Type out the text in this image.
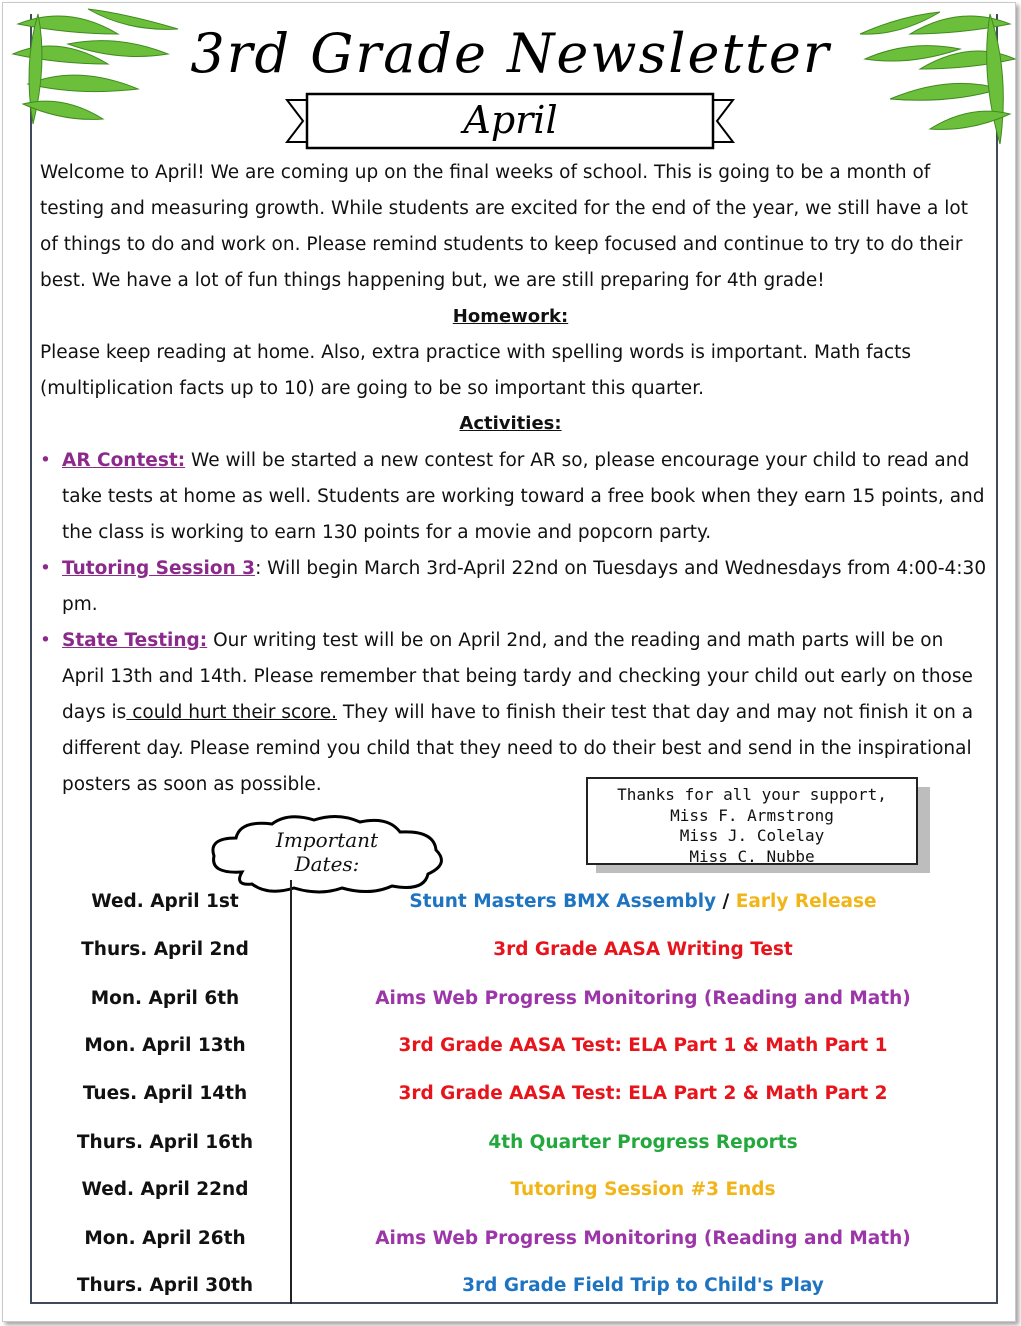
3rd Grade Newsletter
April
Welcome to April! We are coming up on the final weeks of school. This is going to be a month of
testing and measuring growth. While students are excited for the end of the year, we still have a lot
of things to do and work on. Please remind students to keep focused and continue to try to do their
best. We have a lot of fun things happening but, we are still preparing for 4th grade!
Homework:
Please keep reading at home. Also, extra practice with spelling words is important. Math facts
(multiplication facts up to 10) are going to be so important this quarter.
Activities:
• AR Contest: We will be started a new contest for AR so, please encourage your child to read and take tests at home as well. Students are working toward a free book when they earn 15 points, and the class is working to earn 130 points for a movie and popcorn party.
• Tutoring Session 3: Will begin March 3rd-April 22nd on Tuesdays and Wednesdays from 4:00-4:30 pm.
• State Testing: Our writing test will be on April 2nd, and the reading and math parts will be on April 13th and 14th. Please remember that being tardy and checking your child out early on those days is could hurt their score. They will have to finish their test that day and may not finish it on a different day. Please remind you child that they need to do their best and send in the inspirational posters as soon as possible.	Thanks for all your support,
Miss F. Armstrong
Miss J. Colelay
Miss C. Nubbe
Important
Dates:
Wed. April 1st	Stunt Masters BMX Assembly / Early Release
Thurs. April 2nd	3rd Grade AASA Writing Test
Mon. April 6th	Aims Web Progress Monitoring (Reading and Math)
Mon. April 13th	3rd Grade AASA Test: ELA Part 1 & Math Part 1
Tues. April 14th	3rd Grade AASA Test: ELA Part 2 & Math Part 2
Thurs. April 16th	4th Quarter Progress Reports
Wed. April 22nd	Tutoring Session #3 Ends
Mon. April 26th	Aims Web Progress Monitoring (Reading and Math)
Thurs. April 30th	3rd Grade Field Trip to Child's Play
